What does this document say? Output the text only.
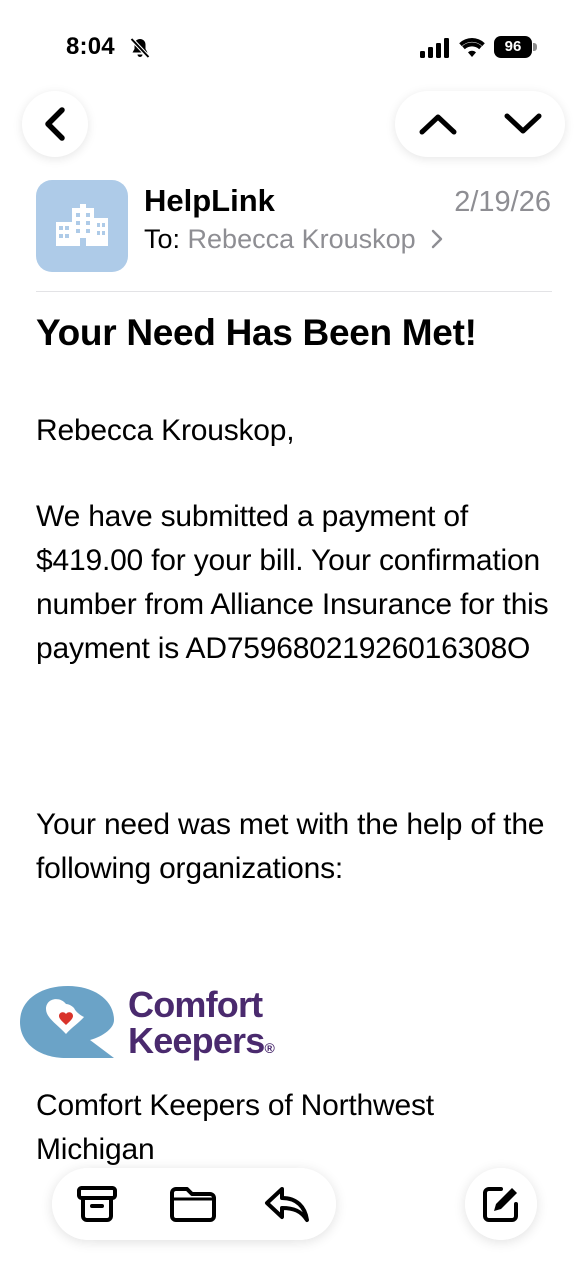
8:04	96
HelpLink
To: Rebecca Krouskop
2/19/26
Your Need Has Been Met!
Rebecca Krouskop,
We have submitted a payment of $419.00 for your bill. Your confirmation number from Alliance Insurance for this payment is AD75968021926016308O
Your need was met with the help of the following organizations:
Comfort
Keepers®
Comfort Keepers of Northwest Michigan
